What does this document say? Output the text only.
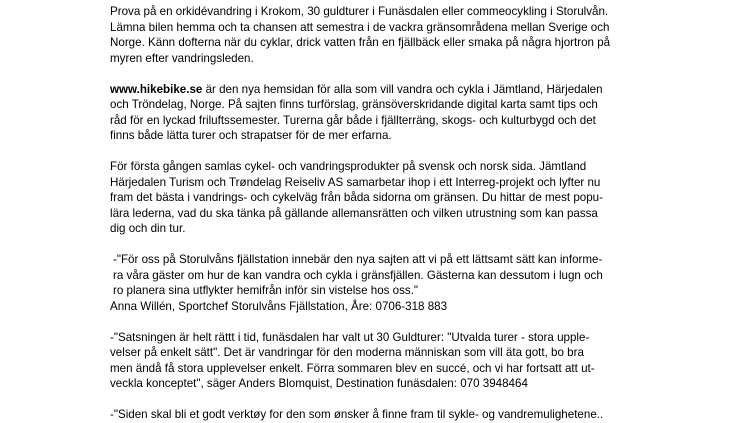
Prova på en orkidévandring i Krokom, 30 guldturer i Funäsdalen eller commeocykling i Storulvån.
Lämna bilen hemma och ta chansen att semestra i de vackra gränsområdena mellan Sverige och
Norge. Känn dofterna när du cyklar, drick vatten från en fjällbäck eller smaka på några hjortron på
myren efter vandringsleden.

www.hikebike.se är den nya hemsidan för alla som vill vandra och cykla i Jämtland, Härjedalen
och Tröndelag, Norge. På sajten finns turförslag, gränsöverskridande digital karta samt tips och
råd för en lyckad friluftssemester. Turerna går både i fjällterräng, skogs- och kulturbygd och det
finns både lätta turer och strapatser för de mer erfarna.

För första gången samlas cykel- och vandringsprodukter på svensk och norsk sida. Jämtland
Härjedalen Turism och Trøndelag Reiseliv AS samarbetar ihop i ett Interreg-projekt och lyfter nu
fram det bästa i vandrings- och cykelväg från båda sidorna om gränsen. Du hittar de mest popu-
lära lederna, vad du ska tänka på gällande allemansrätten och vilken utrustning som kan passa
dig och din tur.

-"För oss på Storulvåns fjällstation innebär den nya sajten att vi på ett lättsamt sätt kan informe-
ra våra gäster om hur de kan vandra och cykla i gränsfjällen. Gästerna kan dessutom i lugn och
ro planera sina utflykter hemifrån inför sin vistelse hos oss."

Anna Willén, Sportchef Storulvåns Fjällstation, Åre: 0706-318 883

-"Satsningen är helt rättt i tid, funäsdalen har valt ut 30 Guldturer: "Utvalda turer - stora upple-
velser på enkelt sätt". Det är vandringar för den moderna människan som vill äta gott, bo bra
men ändå få stora upplevelser enkelt. Förra sommaren blev en succé, och vi har fortsatt att ut-
veckla konceptet", säger Anders Blomquist, Destination funäsdalen: 070 3948464

-"Siden skal bli et godt verktøy for den som ønsker å finne fram til sykle- og vandremulighetene..
